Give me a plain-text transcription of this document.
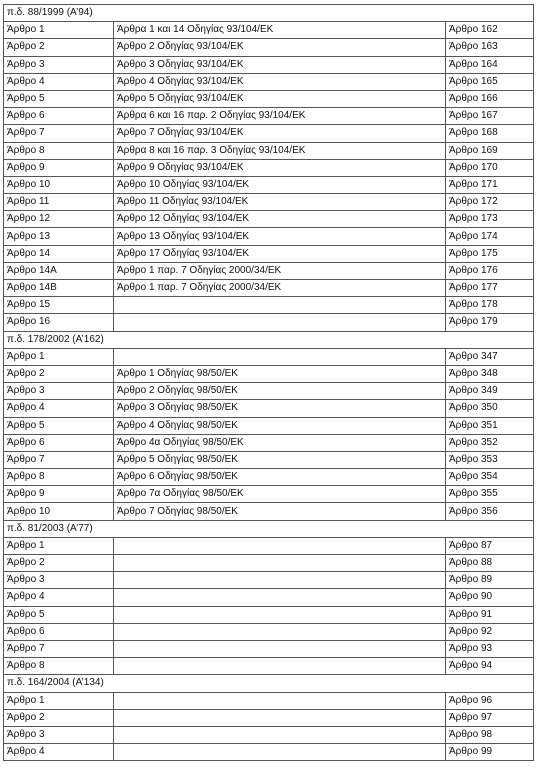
π.δ. 88/1999 (Α’94)		
Άρθρο 1	Άρθρα 1 και 14 Οδηγίας 93/104/ΕΚ	Άρθρο 162
Άρθρο 2	Άρθρο 2 Οδηγίας 93/104/ΕΚ	Άρθρο 163
Άρθρο 3	Άρθρο 3 Οδηγίας 93/104/ΕΚ	Άρθρο 164
Άρθρο 4	Άρθρο 4 Οδηγίας 93/104/ΕΚ	Άρθρο 165
Άρθρο 5	Άρθρο 5 Οδηγίας 93/104/ΕΚ	Άρθρο 166
Άρθρο 6	Άρθρα 6 και 16 παρ. 2 Οδηγίας 93/104/ΕΚ	Άρθρο 167
Άρθρο 7	Άρθρο 7 Οδηγίας 93/104/ΕΚ	Άρθρο 168
Άρθρο 8	Άρθρα 8 και 16 παρ. 3 Οδηγίας 93/104/ΕΚ	Άρθρο 169
Άρθρο 9	Άρθρο 9 Οδηγίας 93/104/ΕΚ	Άρθρο 170
Άρθρο 10	Άρθρο 10 Οδηγίας 93/104/ΕΚ	Άρθρο 171
Άρθρο 11	Άρθρο 11 Οδηγίας 93/104/ΕΚ	Άρθρο 172
Άρθρο 12	Άρθρο 12 Οδηγίας 93/104/ΕΚ	Άρθρο 173
Άρθρο 13	Άρθρο 13 Οδηγίας 93/104/ΕΚ	Άρθρο 174
Άρθρο 14	Άρθρο 17 Οδηγίας 93/104/ΕΚ	Άρθρο 175
Άρθρο 14Α	Άρθρο 1 παρ. 7 Οδηγίας 2000/34/ΕΚ	Άρθρο 176
Άρθρο 14Β	Άρθρο 1 παρ. 7 Οδηγίας 2000/34/ΕΚ	Άρθρο 177
Άρθρο 15		Άρθρο 178
Άρθρο 16		Άρθρο 179
π.δ. 178/2002 (Α’162)		
Άρθρο 1		Άρθρο 347
Άρθρο 2	Άρθρο 1 Οδηγίας 98/50/ΕΚ	Άρθρο 348
Άρθρο 3	Άρθρο 2 Οδηγίας 98/50/ΕΚ	Άρθρο 349
Άρθρο 4	Άρθρο 3 Οδηγίας 98/50/ΕΚ	Άρθρο 350
Άρθρο 5	Άρθρο 4 Οδηγίας 98/50/ΕΚ	Άρθρο 351
Άρθρο 6	Άρθρο 4α Οδηγίας 98/50/ΕΚ	Άρθρο 352
Άρθρο 7	Άρθρο 5 Οδηγίας 98/50/ΕΚ	Άρθρο 353
Άρθρο 8	Άρθρο 6 Οδηγίας 98/50/ΕΚ	Άρθρο 354
Άρθρο 9	Άρθρο 7α Οδηγίας 98/50/ΕΚ	Άρθρο 355
Άρθρο 10	Άρθρο 7 Οδηγίας 98/50/ΕΚ	Άρθρο 356
π.δ. 81/2003 (Α’77)		
Άρθρο 1		Άρθρο 87
Άρθρο 2		Άρθρο 88
Άρθρο 3		Άρθρο 89
Άρθρο 4		Άρθρο 90
Άρθρο 5		Άρθρο 91
Άρθρο 6		Άρθρο 92
Άρθρο 7		Άρθρο 93
Άρθρο 8		Άρθρο 94
π.δ. 164/2004 (Α’134)		
Άρθρο 1		Άρθρο 96
Άρθρο 2		Άρθρο 97
Άρθρο 3		Άρθρο 98
Άρθρο 4		Άρθρο 99
